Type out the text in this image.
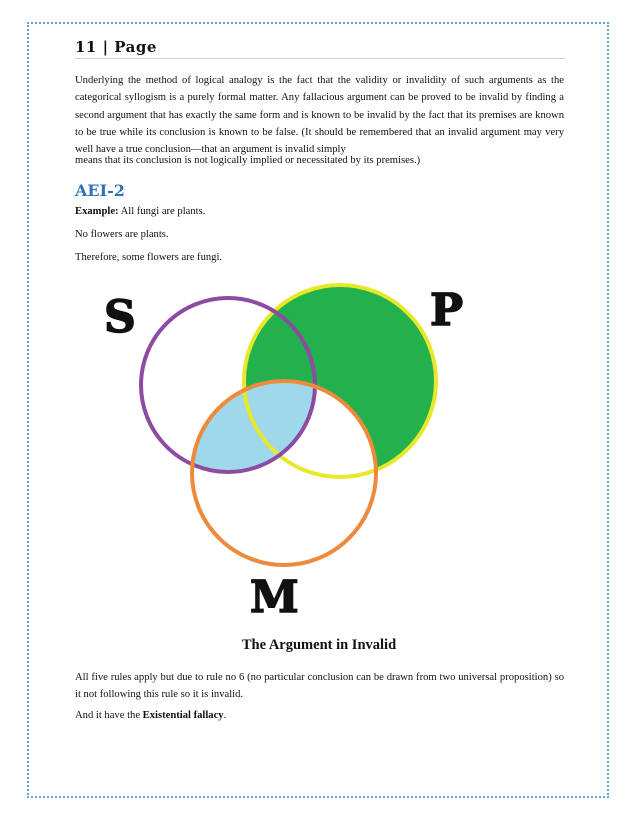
11 | Page
Underlying the method of logical analogy is the fact that the validity or invalidity of such arguments as the categorical syllogism is a purely formal matter. Any fallacious argument can be proved to be invalid by finding a second argument that has exactly the same form and is known to be invalid by the fact that its premises are known to be true while its conclusion is known to be false. (It should be remembered that an invalid argument may very well have a true conclusion—that an argument is invalid simply
means that its conclusion is not logically implied or necessitated by its premises.)
AEI-2
Example: All fungi are plants.
No flowers are plants.
Therefore, some flowers are fungi.
S	P
M
The Argument in Invalid
All five rules apply but due to rule no 6 (no particular conclusion can be drawn from two universal proposition) so it not following this rule so it is invalid.
And it have the Existential fallacy.
